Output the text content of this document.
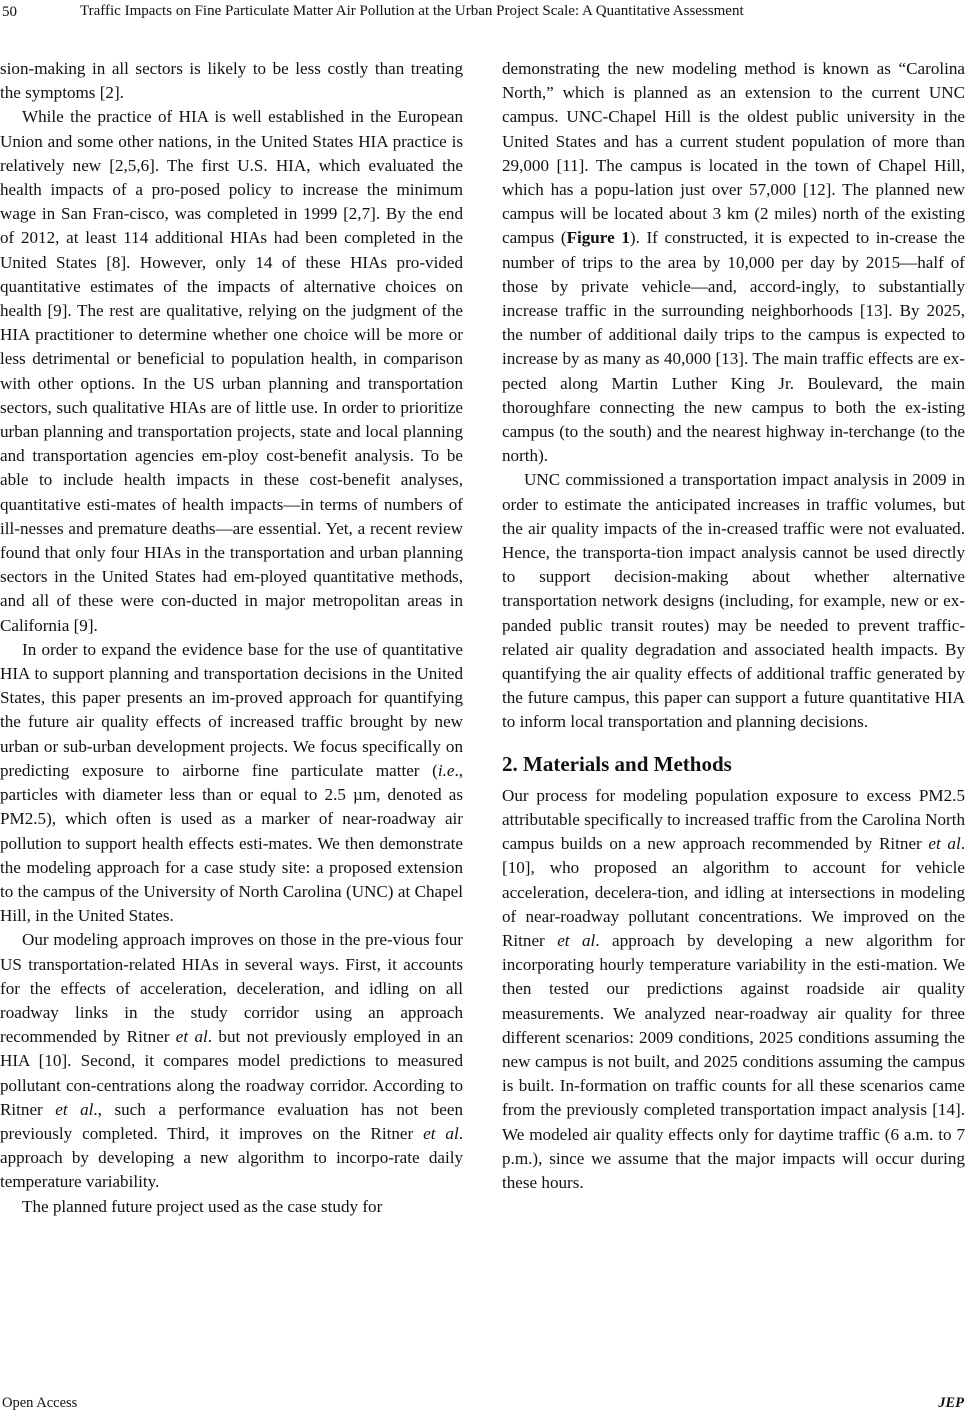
50	Traffic Impacts on Fine Particulate Matter Air Pollution at the Urban Project Scale: A Quantitative Assessment

sion-making in all sectors is likely to be less costly than treating the symptoms [2].

While the practice of HIA is well established in the European Union and some other nations, in the United States HIA practice is relatively new [2,5,6]. The first U.S. HIA, which evaluated the health impacts of a pro-posed policy to increase the minimum wage in San Fran-cisco, was completed in 1999 [2,7]. By the end of 2012, at least 114 additional HIAs had been completed in the United States [8]. However, only 14 of these HIAs pro-vided quantitative estimates of the impacts of alternative choices on health [9]. The rest are qualitative, relying on the judgment of the HIA practitioner to determine whether one choice will be more or less detrimental or beneficial to population health, in comparison with other options. In the US urban planning and transportation sectors, such qualitative HIAs are of little use. In order to prioritize urban planning and transportation projects, state and local planning and transportation agencies em-ploy cost-benefit analysis. To be able to include health impacts in these cost-benefit analyses, quantitative esti-mates of health impacts—in terms of numbers of ill-nesses and premature deaths—are essential. Yet, a recent review found that only four HIAs in the transportation and urban planning sectors in the United States had em-ployed quantitative methods, and all of these were con-ducted in major metropolitan areas in California [9].

In order to expand the evidence base for the use of quantitative HIA to support planning and transportation decisions in the United States, this paper presents an im-proved approach for quantifying the future air quality effects of increased traffic brought by new urban or sub-urban development projects. We focus specifically on predicting exposure to airborne fine particulate matter (i.e., particles with diameter less than or equal to 2.5 µm, denoted as PM2.5), which often is used as a marker of near-roadway air pollution to support health effects esti-mates. We then demonstrate the modeling approach for a case study site: a proposed extension to the campus of the University of North Carolina (UNC) at Chapel Hill, in the United States.

Our modeling approach improves on those in the pre-vious four US transportation-related HIAs in several ways. First, it accounts for the effects of acceleration, deceleration, and idling on all roadway links in the study corridor using an approach recommended by Ritner et al. but not previously employed in an HIA [10]. Second, it compares model predictions to measured pollutant con-centrations along the roadway corridor. According to Ritner et al., such a performance evaluation has not been previously completed. Third, it improves on the Ritner et al. approach by developing a new algorithm to incorpo-rate daily temperature variability.

The planned future project used as the case study for

demonstrating the new modeling method is known as “Carolina North,” which is planned as an extension to the current UNC campus. UNC-Chapel Hill is the oldest public university in the United States and has a current student population of more than 29,000 [11]. The campus is located in the town of Chapel Hill, which has a popu-lation just over 57,000 [12]. The planned new campus will be located about 3 km (2 miles) north of the existing campus (Figure 1). If constructed, it is expected to in-crease the number of trips to the area by 10,000 per day by 2015—half of those by private vehicle—and, accord-ingly, to substantially increase traffic in the surrounding neighborhoods [13]. By 2025, the number of additional daily trips to the campus is expected to increase by as many as 40,000 [13]. The main traffic effects are ex-pected along Martin Luther King Jr. Boulevard, the main thoroughfare connecting the new campus to both the ex-isting campus (to the south) and the nearest highway in-terchange (to the north).

UNC commissioned a transportation impact analysis in 2009 in order to estimate the anticipated increases in traffic volumes, but the air quality impacts of the in-creased traffic were not evaluated. Hence, the transporta-tion impact analysis cannot be used directly to support decision-making about whether alternative transportation network designs (including, for example, new or ex-panded public transit routes) may be needed to prevent traffic-related air quality degradation and associated health impacts. By quantifying the air quality effects of additional traffic generated by the future campus, this paper can support a future quantitative HIA to inform local transportation and planning decisions.

2. Materials and Methods

Our process for modeling population exposure to excess PM2.5 attributable specifically to increased traffic from the Carolina North campus builds on a new approach recommended by Ritner et al. [10], who proposed an algorithm to account for vehicle acceleration, decelera-tion, and idling at intersections in modeling of near-roadway pollutant concentrations. We improved on the Ritner et al. approach by developing a new algorithm for incorporating hourly temperature variability in the esti-mation. We then tested our predictions against roadside air quality measurements. We analyzed near-roadway air quality for three different scenarios: 2009 conditions, 2025 conditions assuming the new campus is not built, and 2025 conditions assuming the campus is built. In-formation on traffic counts for all these scenarios came from the previously completed transportation impact analysis [14]. We modeled air quality effects only for daytime traffic (6 a.m. to 7 p.m.), since we assume that the major impacts will occur during these hours.

Open Access	JEP
